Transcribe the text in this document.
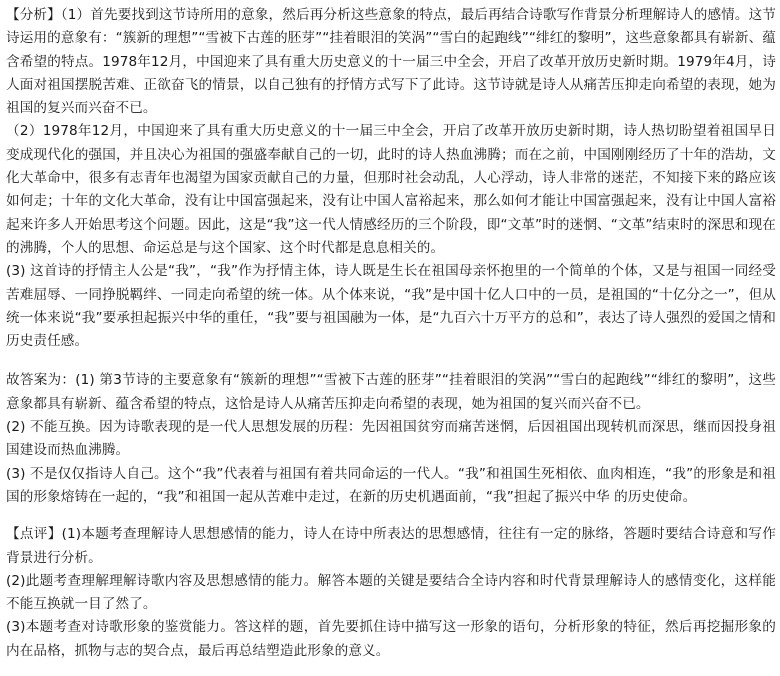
【分析】（1）首先要找到这节诗所用的意象，然后再分析这些意象的特点，最后再结合诗歌写作背景分析理解诗人的感情。这节诗运用的意象有：“簇新的理想”“雪被下古莲的胚芽”“挂着眼泪的笑涡”“雪白的起跑线”“绯红的黎明”，这些意象都具有崭新、蕴含希望的特点。1978年12月，中国迎来了具有重大历史意义的十一届三中全会，开启了改革开放历史新时期。1979年4月，诗人面对祖国摆脱苦难、正欲奋飞的情景，以自己独有的抒情方式写下了此诗。这节诗就是诗人从痛苦压抑走向希望的表现，她为祖国的复兴而兴奋不已。

（2）1978年12月，中国迎来了具有重大历史意义的十一届三中全会，开启了改革开放历史新时期，诗人热切盼望着祖国早日变成现代化的强国，并且决心为祖国的强盛奉献自己的一切，此时的诗人热血沸腾；而在之前，中国刚刚经历了十年的浩劫，文化大革命中，很多有志青年也渴望为国家贡献自己的力量，但那时社会动乱，人心浮动，诗人非常的迷茫，不知接下来的路应该如何走；十年的文化大革命，没有让中国富强起来，没有让中国人富裕起来，那么如何才能让中国富强起来，没有让中国人富裕起来许多人开始思考这个问题。因此，这是“我”这一代人情感经历的三个阶段，即“文革”时的迷惘、“文革”结束时的深思和现在的沸腾，个人的思想、命运总是与这个国家、这个时代都是息息相关的。

(3) 这首诗的抒情主人公是“我”，“我”作为抒情主体，诗人既是生长在祖国母亲怀抱里的一个简单的个体，又是与祖国一同经受苦难屈辱、一同挣脱羁绊、一同走向希望的统一体。从个体来说，“我”是中国十亿人口中的一员，是祖国的“十亿分之一”，但从统一体来说“我”要承担起振兴中华的重任，“我”要与祖国融为一体，是“九百六十万平方的总和”，表达了诗人强烈的爱国之情和历史责任感。

故答案为：(1) 第3节诗的主要意象有“簇新的理想”“雪被下古莲的胚芽”“挂着眼泪的笑涡”“雪白的起跑线”“绯红的黎明”，这些意象都具有崭新、蕴含希望的特点，这恰是诗人从痛苦压抑走向希望的表现，她为祖国的复兴而兴奋不已。

(2) 不能互换。因为诗歌表现的是一代人思想发展的历程：先因祖国贫穷而痛苦迷惘，后因祖国出现转机而深思，继而因投身祖国建设而热血沸腾。

(3) 不是仅仅指诗人自己。这个“我”代表着与祖国有着共同命运的一代人。“我”和祖国生死相依、血肉相连，“我”的形象是和祖国的形象熔铸在一起的，“我”和祖国一起从苦难中走过，在新的历史机遇面前，“我”担起了振兴中华 的历史使命。

【点评】(1)本题考查理解诗人思想感情的能力，诗人在诗中所表达的思想感情，往往有一定的脉络，答题时要结合诗意和写作背景进行分析。

(2)此题考查理解理解诗歌内容及思想感情的能力。解答本题的关键是要结合全诗内容和时代背景理解诗人的感情变化，这样能不能互换就一目了然了。

(3)本题考查对诗歌形象的鉴赏能力。答这样的题，首先要抓住诗中描写这一形象的语句，分析形象的特征，然后再挖掘形象的内在品格，抓物与志的契合点，最后再总结塑造此形象的意义。
